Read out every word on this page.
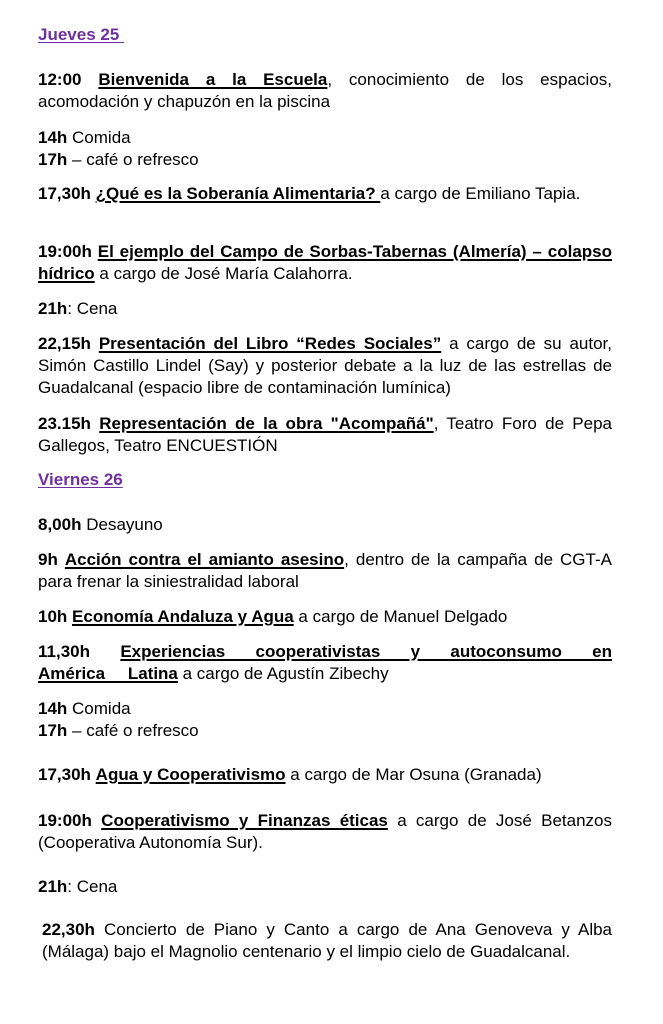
Jueves 25

12:00 Bienvenida a la Escuela, conocimiento de los espacios, acomodación y chapuzón en la piscina

14h Comida
17h – café o refresco

17,30h ¿Qué es la Soberanía Alimentaria? a cargo de Emiliano Tapia.

19:00h El ejemplo del Campo de Sorbas-Tabernas (Almería) – colapso hídrico a cargo de José María Calahorra.

21h: Cena

22,15h Presentación del Libro “Redes Sociales” a cargo de su autor, Simón Castillo Lindel (Say) y posterior debate a la luz de las estrellas de Guadalcanal (espacio libre de contaminación lumínica)

23.15h Representación de la obra "Acompañá", Teatro Foro de Pepa Gallegos, Teatro ENCUESTIÓN

Viernes 26

8,00h Desayuno

9h Acción contra el amianto asesino, dentro de la campaña de CGT-A para frenar la siniestralidad laboral

10h Economía Andaluza y Agua a cargo de Manuel Delgado

11,30h Experiencias cooperativistas y autoconsumo en América Latina a cargo de Agustín Zibechy

14h Comida
17h – café o refresco

17,30h Agua y Cooperativismo a cargo de Mar Osuna (Granada)

19:00h Cooperativismo y Finanzas éticas a cargo de José Betanzos (Cooperativa Autonomía Sur).

21h: Cena

22,30h Concierto de Piano y Canto a cargo de Ana Genoveva y Alba (Málaga) bajo el Magnolio centenario y el limpio cielo de Guadalcanal.
